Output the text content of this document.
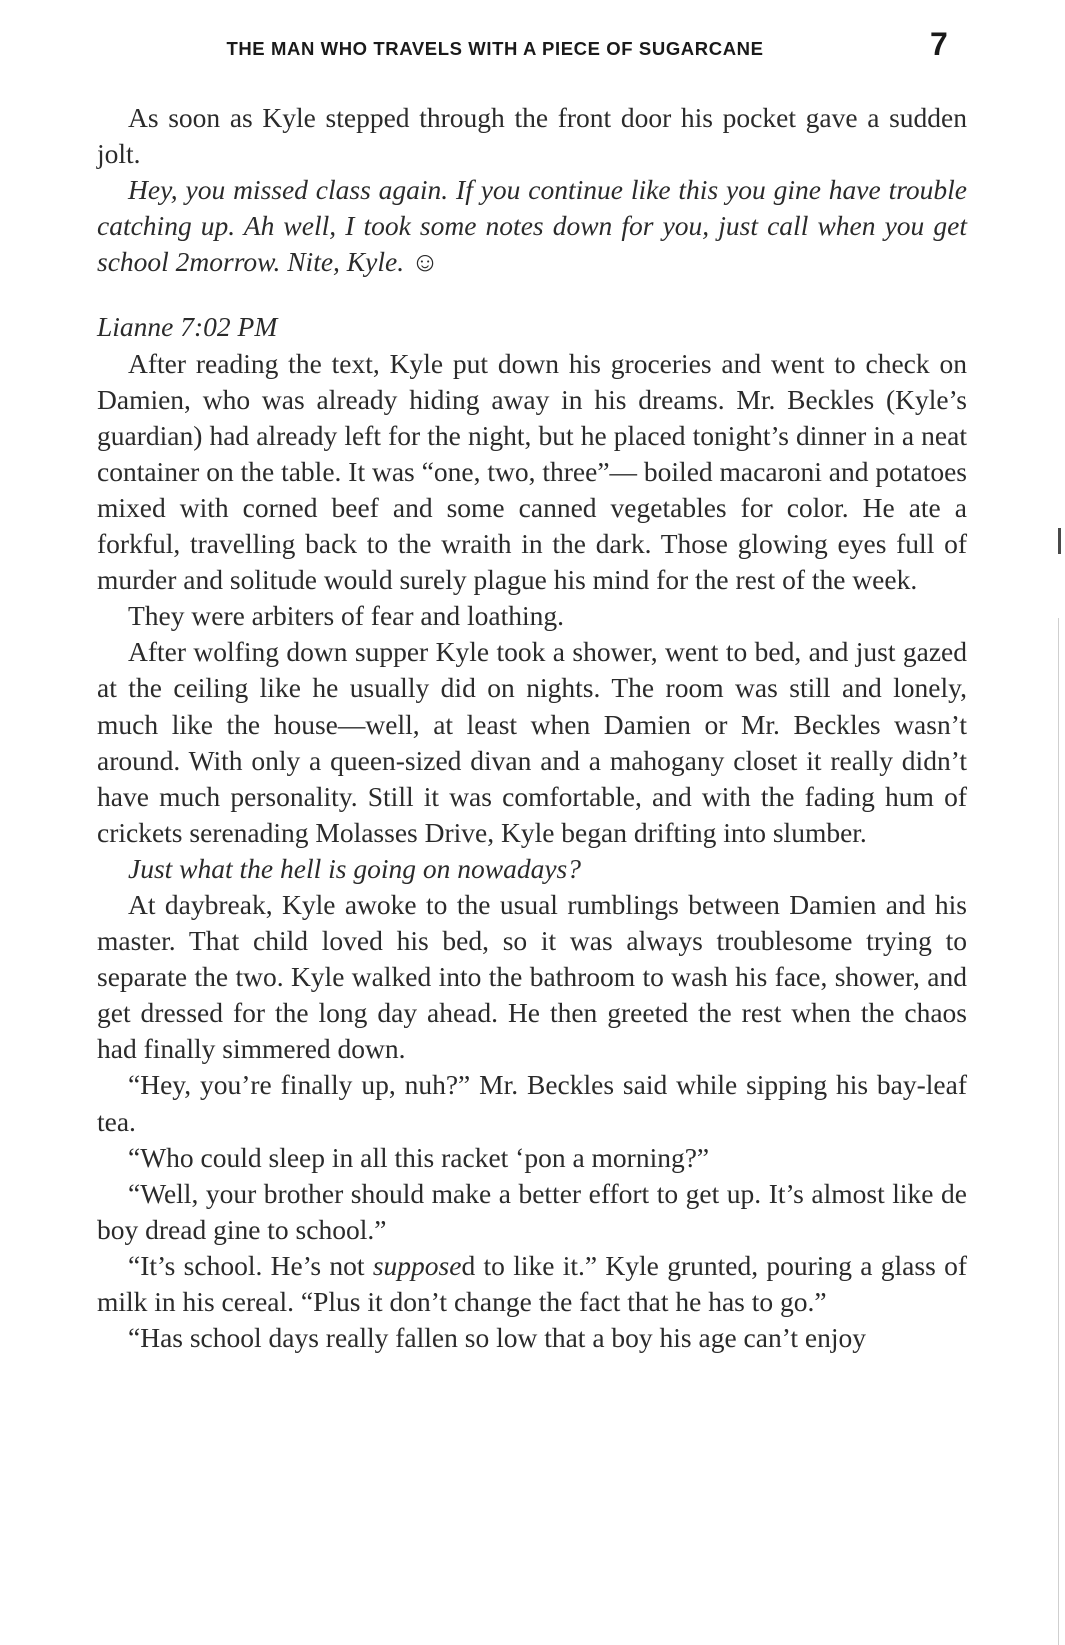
THE MAN WHO TRAVELS WITH A PIECE OF SUGARCANE	7

As soon as Kyle stepped through the front door his pocket gave a sudden jolt.

Hey, you missed class again. If you continue like this you gine have trouble catching up. Ah well, I took some notes down for you, just call when you get school 2morrow. Nite, Kyle. ☺

Lianne 7:02 PM

After reading the text, Kyle put down his groceries and went to check on Damien, who was already hiding away in his dreams. Mr. Beckles (Kyle’s guardian) had already left for the night, but he placed tonight’s dinner in a neat container on the table. It was “one, two, three”— boiled macaroni and potatoes mixed with corned beef and some canned vegetables for color. He ate a forkful, travelling back to the wraith in the dark. Those glowing eyes full of murder and solitude would surely plague his mind for the rest of the week.

They were arbiters of fear and loathing.

After wolfing down supper Kyle took a shower, went to bed, and just gazed at the ceiling like he usually did on nights. The room was still and lonely, much like the house—well, at least when Damien or Mr. Beckles wasn’t around. With only a queen-sized divan and a mahogany closet it really didn’t have much personality. Still it was comfortable, and with the fading hum of crickets serenading Molasses Drive, Kyle began drifting into slumber.

Just what the hell is going on nowadays?

At daybreak, Kyle awoke to the usual rumblings between Damien and his master. That child loved his bed, so it was always troublesome trying to separate the two. Kyle walked into the bathroom to wash his face, shower, and get dressed for the long day ahead. He then greeted the rest when the chaos had finally simmered down.

“Hey, you’re finally up, nuh?” Mr. Beckles said while sipping his bay-leaf tea.

“Who could sleep in all this racket ‘pon a morning?”

“Well, your brother should make a better effort to get up. It’s almost like de boy dread gine to school.”

“It’s school. He’s not supposed to like it.” Kyle grunted, pouring a glass of milk in his cereal. “Plus it don’t change the fact that he has to go.”

“Has school days really fallen so low that a boy his age can’t enjoy
